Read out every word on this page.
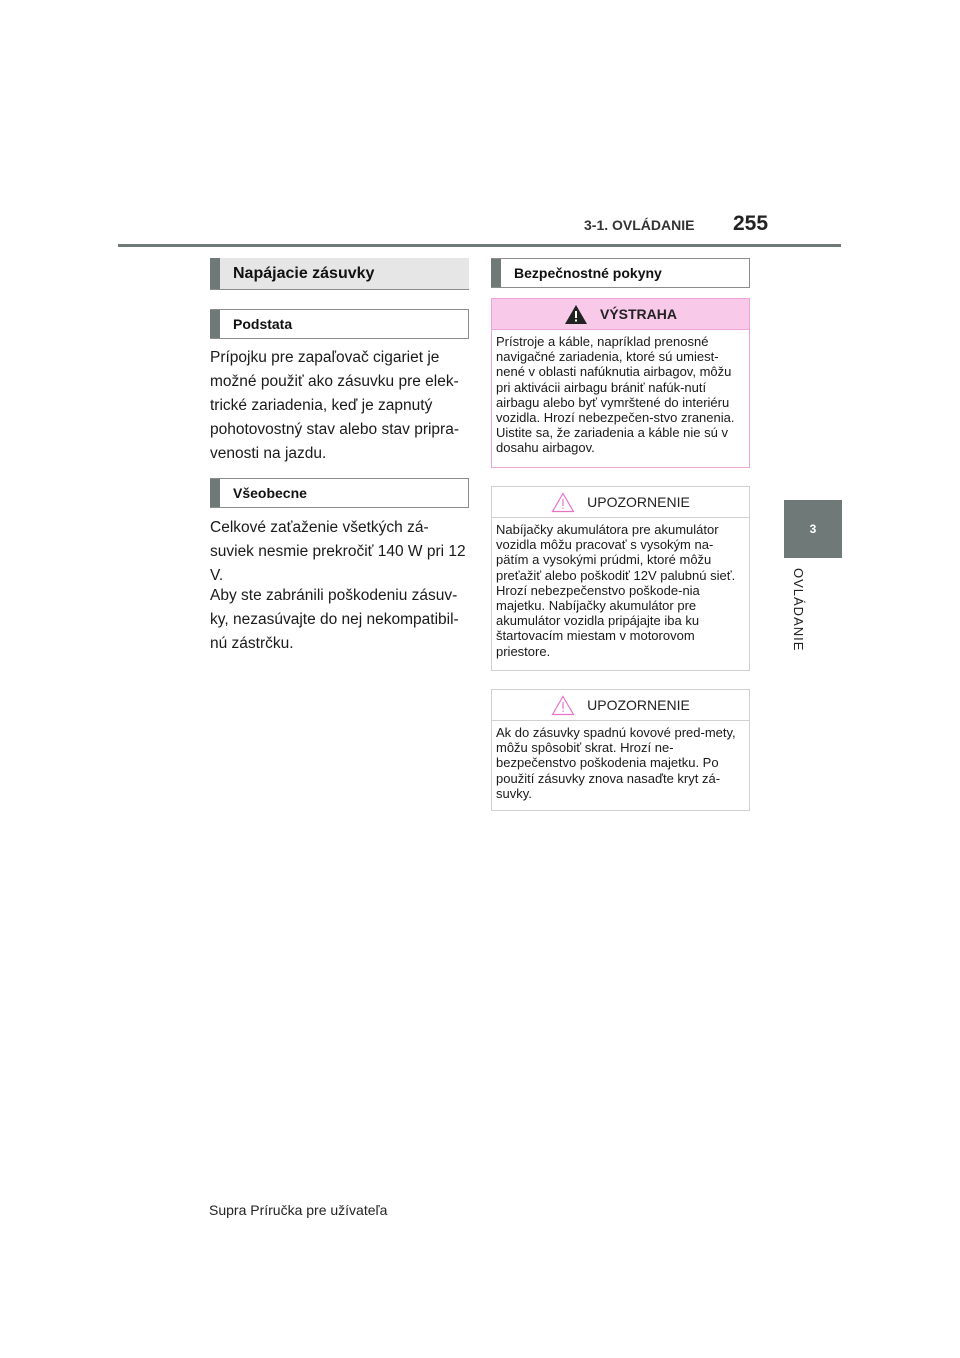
3-1. OVLÁDANIE 255
3
OVLÁDANIE
Napájacie zásuvky
Podstata
Prípojku pre zapaľovač cigariet je možné použiť ako zásuvku pre elek-trické zariadenia, keď je zapnutý pohotovostný stav alebo stav pripra-venosti na jazdu.
Všeobecne
Celkové zaťaženie všetkých zá-suviek nesmie prekročiť 140 W pri 12 V.
Aby ste zabránili poškodeniu zásuv-ky, nezasúvajte do nej nekompatibil-nú zástrčku.
Bezpečnostné pokyny
VÝSTRAHA
Prístroje a káble, napríklad prenosné navigačné zariadenia, ktoré sú umiest-nené v oblasti nafúknutia airbagov, môžu pri aktivácii airbagu brániť nafúk-nutí airbagu alebo byť vymrštené do interiéru vozidla. Hrozí nebezpečen-stvo zranenia. Uistite sa, že zariadenia a káble nie sú v dosahu airbagov.
UPOZORNENIE
Nabíjačky akumulátora pre akumulátor vozidla môžu pracovať s vysokým na-pätím a vysokými prúdmi, ktoré môžu preťažiť alebo poškodiť 12V palubnú sieť. Hrozí nebezpečenstvo poškode-nia majetku. Nabíjačky akumulátor pre akumulátor vozidla pripájajte iba ku štartovacím miestam v motorovom priestore.
UPOZORNENIE
Ak do zásuvky spadnú kovové pred-mety, môžu spôsobiť skrat. Hrozí ne-bezpečenstvo poškodenia majetku. Po použití zásuvky znova nasaďte kryt zá-suvky.
Supra Príručka pre užívateľa
